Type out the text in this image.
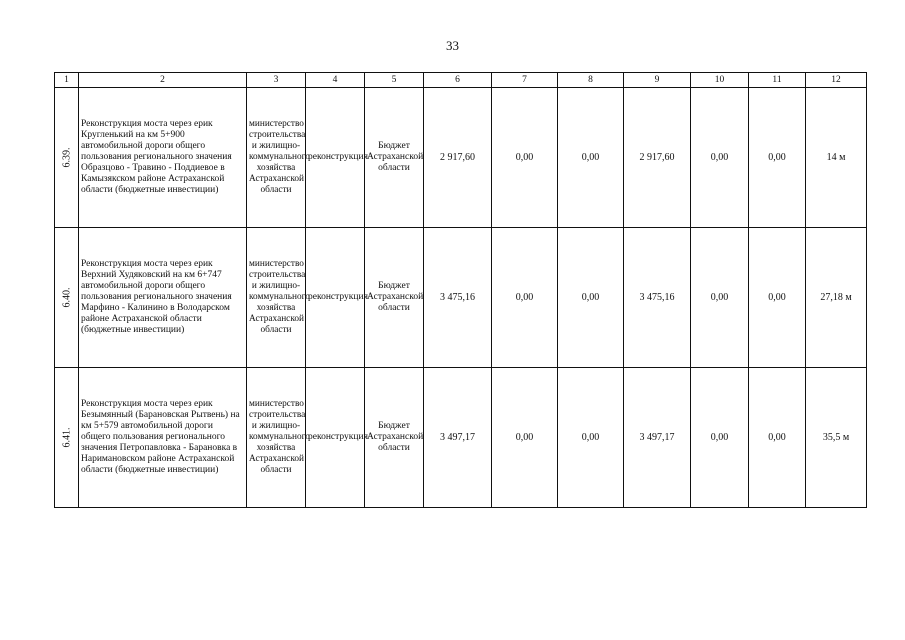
33
1	2	3	4	5	6	7	8	9	10	11	12
6.39.	Реконструкция моста через ерик Кругленький на км 5+900 автомобильной дороги общего пользования регионального значения Образцово - Травино - Поддиевое в Камызякском районе Астраханской области (бюджетные инвестиции)	министерство строительства и жилищно-коммунального хозяйства Астраханской области	реконструкция	Бюджет Астраханской области	2 917,60	0,00	0,00	2 917,60	0,00	0,00	14 м
6.40.	Реконструкция моста через ерик Верхний Худяковский на км 6+747 автомобильной дороги общего пользования регионального значения Марфино - Калинино в Володарском районе Астраханской области (бюджетные инвестиции)	министерство строительства и жилищно-коммунального хозяйства Астраханской области	реконструкция	Бюджет Астраханской области	3 475,16	0,00	0,00	3 475,16	0,00	0,00	27,18 м
6.41.	Реконструкция моста через ерик Безымянный (Барановская Рытвень) на км 5+579 автомобильной дороги общего пользования регионального значения Петропавловка - Барановка в Наримановском районе Астраханской области (бюджетные инвестиции)	министерство строительства и жилищно-коммунального хозяйства Астраханской области	реконструкция	Бюджет Астраханской области	3 497,17	0,00	0,00	3 497,17	0,00	0,00	35,5 м
